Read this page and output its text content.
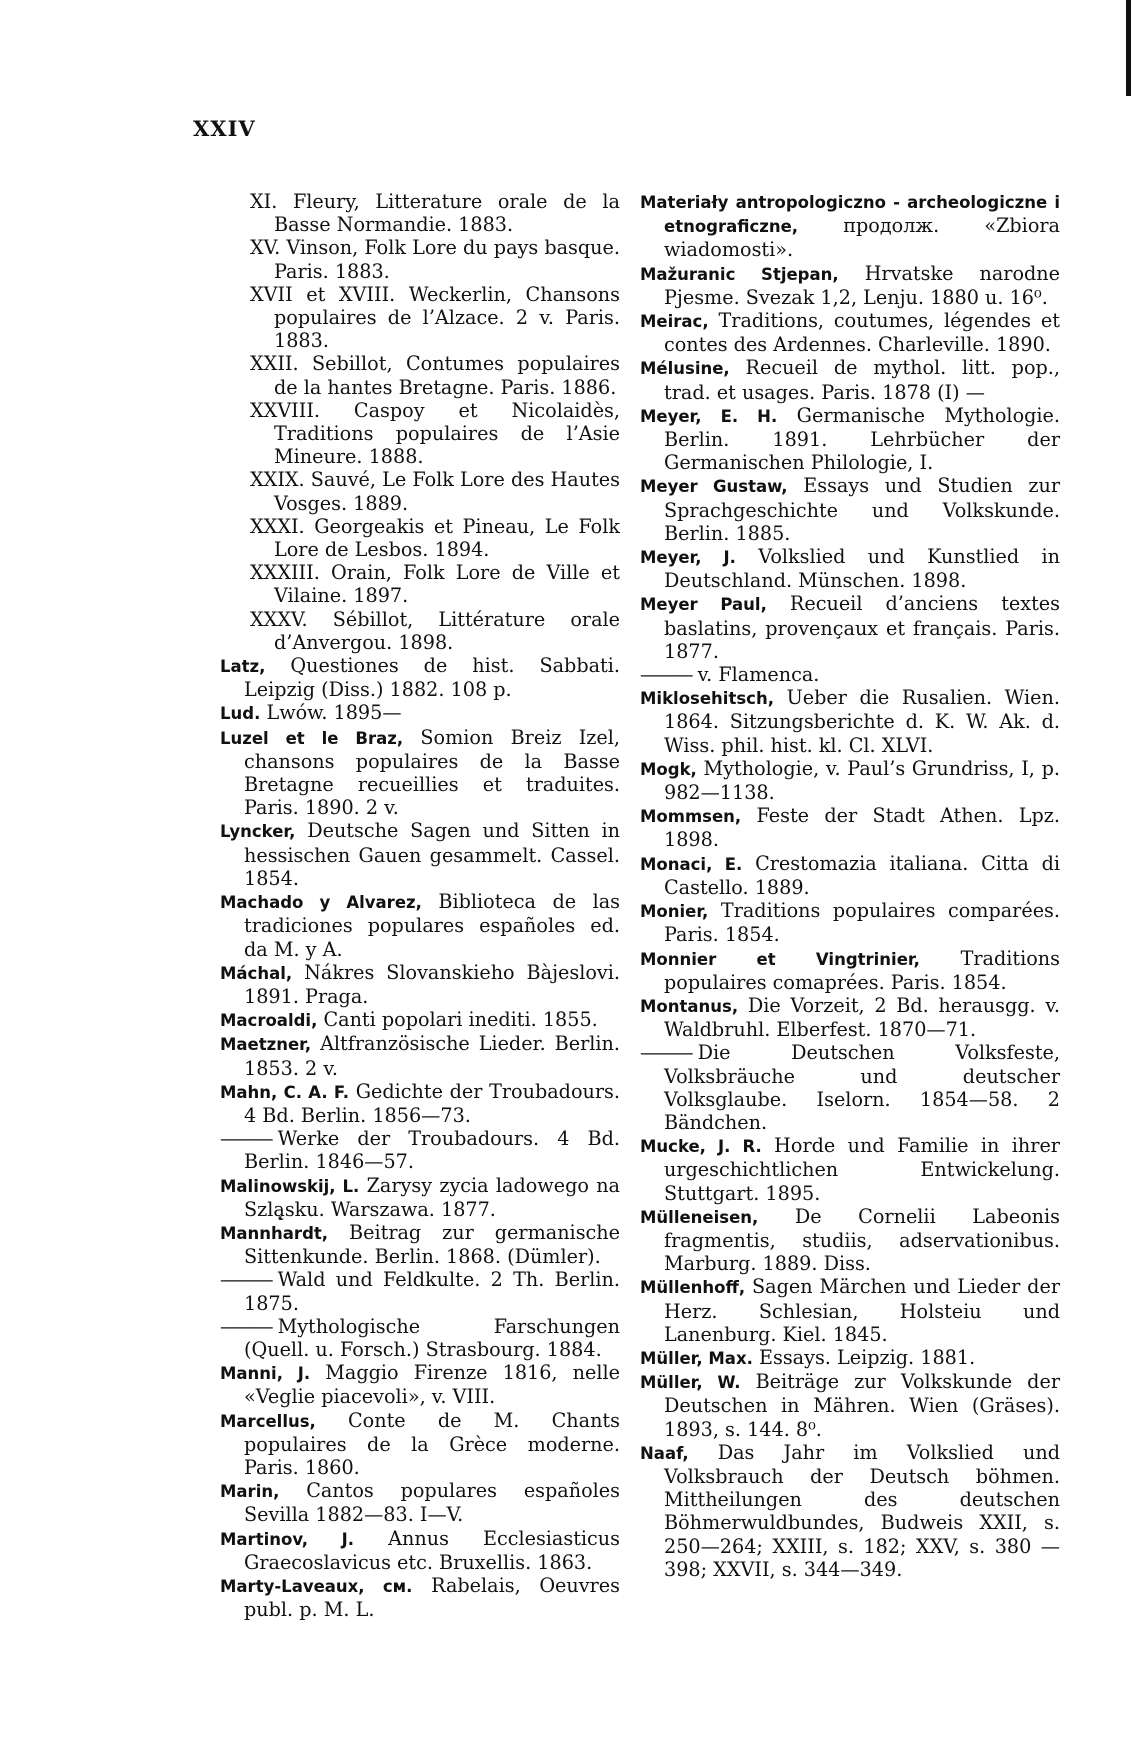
XXIV

XI. Fleury, Litterature orale de la Basse Normandie. 1883.

XV. Vinson, Folk Lore du pays basque. Paris. 1883.

XVII et XVIII. Weckerlin, Chansons populaires de l’Alzace. 2 v. Paris. 1883.

XXII. Sebillot, Contumes populaires de la hantes Bretagne. Paris. 1886.

XXVIII. Caspoy et Nicolaidès, Traditions populaires de l’Asie Mineure. 1888.

XXIX. Sauvé, Le Folk Lore des Hautes Vosges. 1889.

XXXI. Georgeakis et Pineau, Le Folk Lore de Lesbos. 1894.

XXXIII. Orain, Folk Lore de Ville et Vilaine. 1897.

XXXV. Sébillot, Littérature orale d’Anvergou. 1898.

Latz, Questiones de hist. Sabbati. Leipzig (Diss.) 1882. 108 p.

Lud. Lwów. 1895—

Luzel et le Braz, Somion Breiz Izel, chansons populaires de la Basse Bretagne recueillies et traduites. Paris. 1890. 2 v.

Lyncker, Deutsche Sagen und Sitten in hessischen Gauen gesammelt. Cassel. 1854.

Machado y Alvarez, Biblioteca de las tradiciones populares españoles ed. da M. y A.

Máchal, Nákres Slovanskieho Bàjeslovi. 1891. Praga.

Macroaldi, Canti popolari inediti. 1855.

Maetzner, Altfranzösische Lieder. Berlin. 1853. 2 v.

Mahn, C. A. F. Gedichte der Troubadours. 4 Bd. Berlin. 1856—73.

——— Werke der Troubadours. 4 Bd. Berlin. 1846—57.

Malinowskij, L. Zarysy zycia ladowego na Szlą̨sku. Warszawa. 1877.

Mannhardt, Beitrag zur germanische Sittenkunde. Berlin. 1868. (Dümler).

——— Wald und Feldkulte. 2 Th. Berlin. 1875.

——— Mythologische Farschungen (Quell. u. Forsch.) Strasbourg. 1884.

Manni, J. Maggio Firenze 1816, nelle «Veglie piacevoli», v. VIII.

Marcellus, Conte de M. Chants populaires de la Grèce moderne. Paris. 1860.

Marin, Cantos populares españoles Sevilla 1882—83. I—V.

Martinov, J. Annus Ecclesiasticus Graecoslavicus etc. Bruxellis. 1863.

Marty-Laveaux, см. Rabelais, Oeuvres publ. p. M. L.

Materiały antropologiczno - archeologiczne i etnograficzne, продолж. «Zbiora wiadomosti».

Mažuranic Stjepan, Hrvatske narodne Pjesme. Svezak 1,2, Lenju. 1880 u. 16⁰.

Meirac, Traditions, coutumes, légendes et contes des Ardennes. Charleville. 1890.

Mélusine, Recueil de mythol. litt. pop., trad. et usages. Paris. 1878 (I) —

Meyer, E. H. Germanische Mythologie. Berlin. 1891. Lehrbücher der Germanischen Philologie, I.

Meyer Gustaw, Essays und Studien zur Sprachgeschichte und Volkskunde. Berlin. 1885.

Meyer, J. Volkslied und Kunstlied in Deutschland. Münschen. 1898.

Meyer Paul, Recueil d’anciens textes baslatins, provençaux et français. Paris. 1877.

——— v. Flamenca.

Miklosehitsch, Ueber die Rusalien. Wien. 1864. Sitzungsberichte d. K. W. Ak. d. Wiss. phil. hist. kl. Cl. XLVI.

Mogk, Mythologie, v. Paul’s Grundriss, I, p. 982—1138.

Mommsen, Feste der Stadt Athen. Lpz. 1898.

Monaci, E. Crestomazia italiana. Citta di Castello. 1889.

Monier, Traditions populaires comparées. Paris. 1854.

Monnier et Vingtrinier, Traditions populaires comaprées. Paris. 1854.

Montanus, Die Vorzeit, 2 Bd. herausgg. v. Waldbruhl. Elberfest. 1870—71.

——— Die Deutschen Volksfeste, Volksbräuche und deutscher Volksglaube. Iselorn. 1854—58. 2 Bändchen.

Mucke, J. R. Horde und Familie in ihrer urgeschichtlichen Entwickelung. Stuttgart. 1895.

Mülleneisen, De Cornelii Labeonis fragmentis, studiis, adservationibus. Marburg. 1889. Diss.

Müllenhoff, Sagen Märchen und Lieder der Herz. Schlesian, Holsteiu und Lanenburg. Kiel. 1845.

Müller, Max. Essays. Leipzig. 1881.

Müller, W. Beiträge zur Volkskunde der Deutschen in Mähren. Wien (Gräses). 1893, s. 144. 8⁰.

Naaf, Das Jahr im Volkslied und Volksbrauch der Deutsch böhmen. Mittheilungen des deutschen Böhmerwuldbundes, Budweis XXII, s. 250—264; XXIII, s. 182; XXV, s. 380 — 398; XXVII, s. 344—349.
